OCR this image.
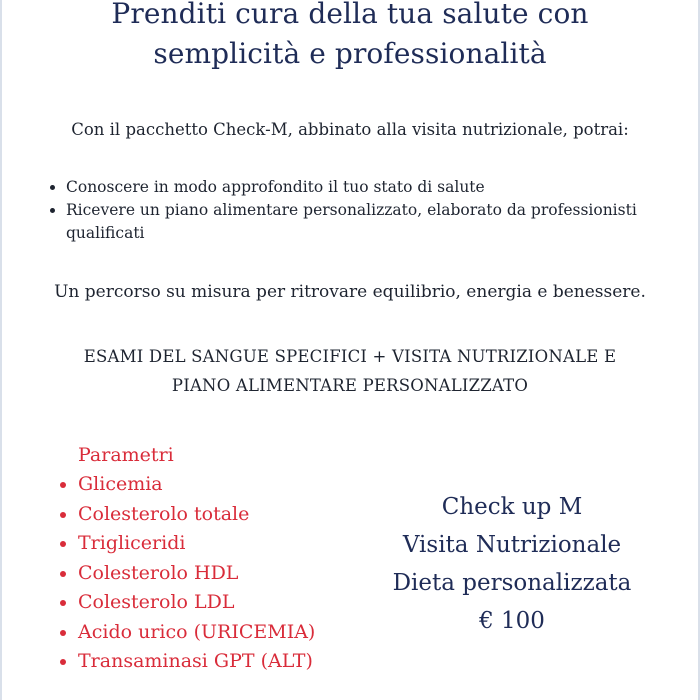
Prenditi cura della tua salute con
semplicità e professionalità
Con il pacchetto Check-M, abbinato alla visita nutrizionale, potrai:
• Conoscere in modo approfondito il tuo stato di salute
• Ricevere un piano alimentare personalizzato, elaborato da professionisti qualificati
Un percorso su misura per ritrovare equilibrio, energia e benessere.
ESAMI DEL SANGUE SPECIFICI + VISITA NUTRIZIONALE E
PIANO ALIMENTARE PERSONALIZZATO
Parametri
• Glicemia
• Colesterolo totale
• Trigliceridi
• Colesterolo HDL
• Colesterolo LDL
• Acido urico (URICEMIA)
• Transaminasi GPT (ALT)
Check up M
Visita Nutrizionale
Dieta personalizzata
€ 100
